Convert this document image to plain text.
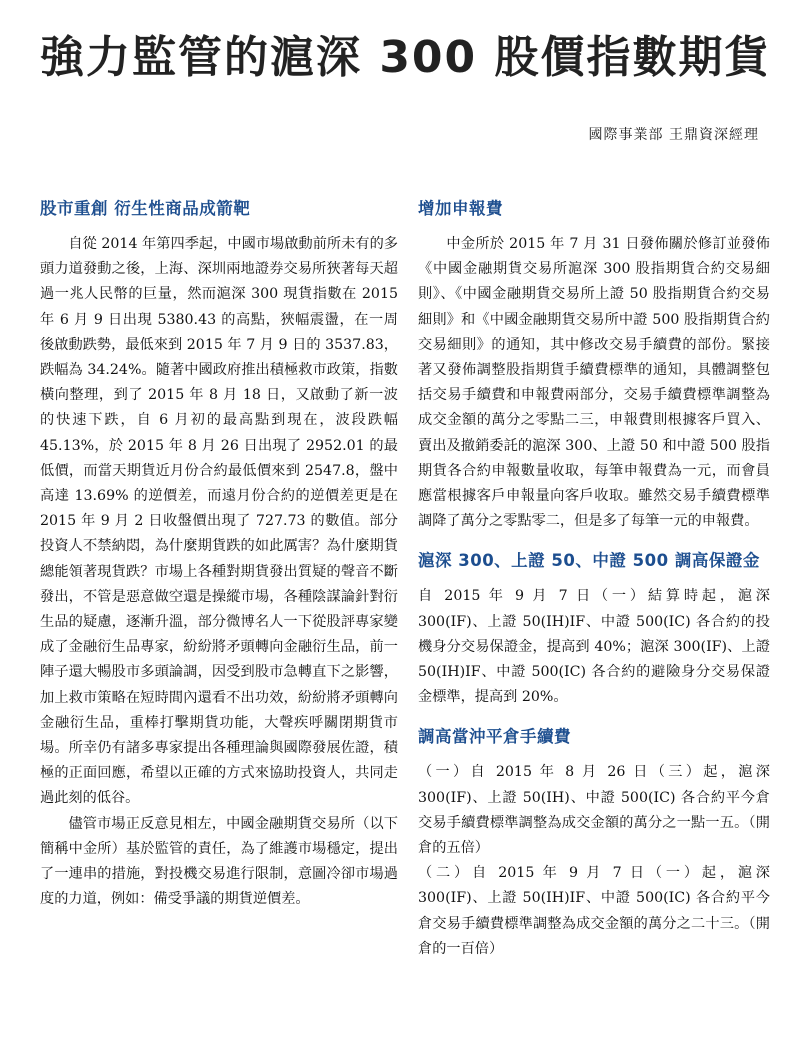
強力監管的滬深 300 股價指數期貨
國際事業部 王鼎資深經理
股市重創 衍生性商品成箭靶

自從 2014 年第四季起，中國市場啟動前所未有的多頭力道發動之後，上海、深圳兩地證券交易所狹著每天超過一兆人民幣的巨量，然而滬深 300 現貨指數在 2015 年 6 月 9 日出現 5380.43 的高點，狹幅震盪，在一周後啟動跌勢，最低來到 2015 年 7 月 9 日的 3537.83，跌幅為 34.24%。隨著中國政府推出積極救市政策，指數橫向整理，到了 2015 年 8 月 18 日，又啟動了新一波的快速下跌，自 6 月初的最高點到現在，波段跌幅 45.13%，於 2015 年 8 月 26 日出現了 2952.01 的最低價，而當天期貨近月份合約最低價來到 2547.8，盤中高達 13.69% 的逆價差，而遠月份合約的逆價差更是在 2015 年 9 月 2 日收盤價出現了 727.73 的數值。部分投資人不禁納悶，為什麼期貨跌的如此厲害？為什麼期貨總能領著現貨跌？市場上各種對期貨發出質疑的聲音不斷發出，不管是惡意做空還是操縱市場，各種陰謀論針對衍生品的疑慮，逐漸升溫，部分微博名人一下從股評專家變成了金融衍生品專家，紛紛將矛頭轉向金融衍生品，前一陣子還大暢股市多頭論調，因受到股市急轉直下之影響，加上救市策略在短時間內還看不出功效，紛紛將矛頭轉向金融衍生品，重棒打擊期貨功能，大聲疾呼關閉期貨市場。所幸仍有諸多專家提出各種理論與國際發展佐證，積極的正面回應，希望以正確的方式來協助投資人，共同走過此刻的低谷。

儘管市場正反意見相左，中國金融期貨交易所（以下簡稱中金所）基於監管的責任，為了維護市場穩定，提出了一連串的措施，對投機交易進行限制，意圖冷卻市場過度的力道，例如：備受爭議的期貨逆價差。

增加申報費

中金所於 2015 年 7 月 31 日發佈關於修訂並發佈《中國金融期貨交易所滬深 300 股指期貨合約交易細則》、《中國金融期貨交易所上證 50 股指期貨合約交易細則》和《中國金融期貨交易所中證 500 股指期貨合約交易細則》的通知，其中修改交易手續費的部份。緊接著又發佈調整股指期貨手續費標準的通知，具體調整包括交易手續費和申報費兩部分，交易手續費標準調整為成交金額的萬分之零點二三，申報費則根據客戶買入、賣出及撤銷委託的滬深 300、上證 50 和中證 500 股指期貨各合約申報數量收取，每筆申報費為一元，而會員應當根據客戶申報量向客戶收取。雖然交易手續費標準調降了萬分之零點零二，但是多了每筆一元的申報費。

滬深 300、上證 50、中證 500 調高保證金

自 2015 年 9 月 7 日（一）結算時起，滬深 300(IF)、上證 50(IH)IF、中證 500(IC) 各合約的投機身分交易保證金，提高到 40%；滬深 300(IF)、上證 50(IH)IF、中證 500(IC) 各合約的避險身分交易保證金標準，提高到 20%。

調高當沖平倉手續費

（一）自 2015 年 8 月 26 日（三）起，滬深 300(IF)、上證 50(IH)、中證 500(IC) 各合約平今倉交易手續費標準調整為成交金額的萬分之一點一五。（開倉的五倍）

（二）自 2015 年 9 月 7 日（一）起，滬深 300(IF)、上證 50(IH)IF、中證 500(IC) 各合約平今倉交易手續費標準調整為成交金額的萬分之二十三。（開倉的一百倍）
